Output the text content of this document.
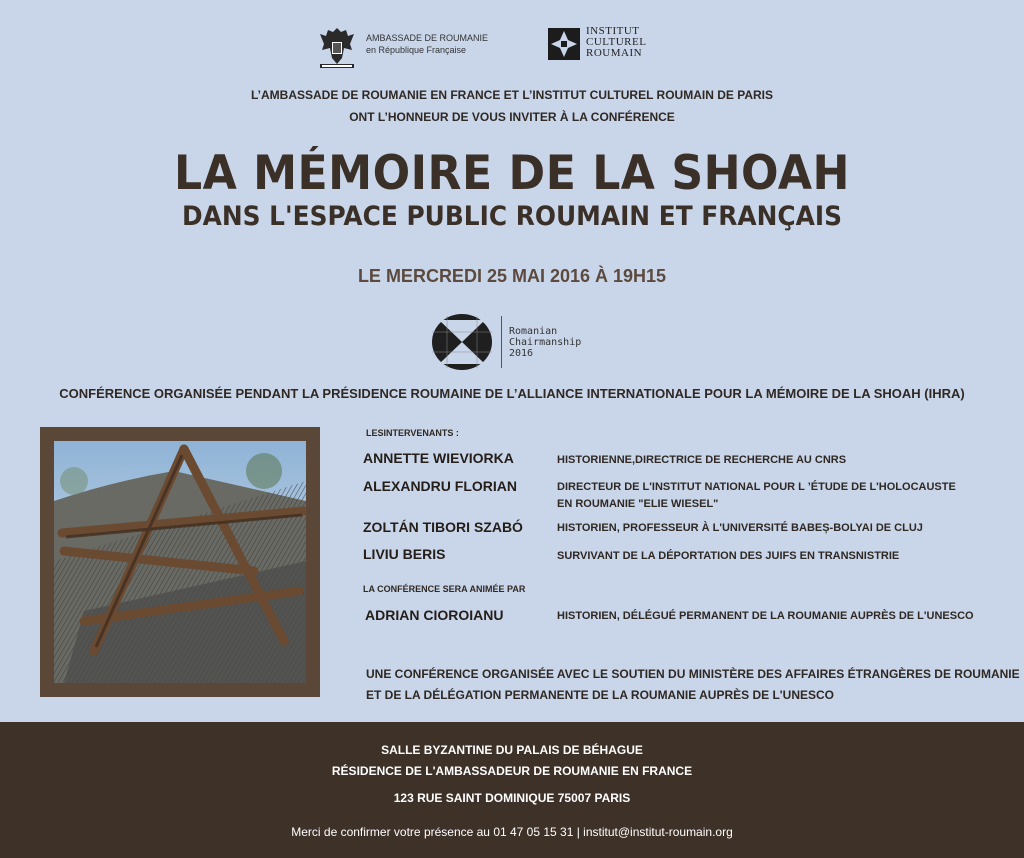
AMBASSADE DE ROUMANIE
en République Française
INSTITUT
CULTUREL
ROUMAIN
L’AMBASSADE DE ROUMANIE EN FRANCE ET L’INSTITUT CULTUREL ROUMAIN DE PARIS
ONT L’HONNEUR DE VOUS INVITER À LA CONFÉRENCE
LA MÉMOIRE DE LA SHOAH
DANS L'ESPACE PUBLIC ROUMAIN ET FRANÇAIS
LE MERCREDI 25 MAI 2016 À 19H15
Romanian
Chairmanship
2016
CONFÉRENCE ORGANISÉE PENDANT LA PRÉSIDENCE ROUMAINE DE L’ALLIANCE INTERNATIONALE POUR LA MÉMOIRE DE LA SHOAH (IHRA)
LESINTERVENANTS :
ANNETTE WIEVIORKA	HISTORIENNE,DIRECTRICE DE RECHERCHE AU CNRS
ALEXANDRU FLORIAN	DIRECTEUR DE L'INSTITUT NATIONAL POUR L ’ÉTUDE DE L'HOLOCAUSTE
EN ROUMANIE "ELIE WIESEL"
ZOLTÁN TIBORI SZABÓ	HISTORIEN, PROFESSEUR À L'UNIVERSITÉ BABEȘ-BOLYAI DE CLUJ
LIVIU BERIS	SURVIVANT DE LA DÉPORTATION DES JUIFS EN TRANSNISTRIE
LA CONFÉRENCE SERA ANIMÉE PAR
ADRIAN CIOROIANU	HISTORIEN, DÉLÉGUÉ PERMANENT DE LA ROUMANIE AUPRÈS DE L'UNESCO
UNE CONFÉRENCE ORGANISÉE AVEC LE SOUTIEN DU MINISTÈRE DES AFFAIRES ÉTRANGÈRES DE ROUMANIE
ET DE LA DÉLÉGATION PERMANENTE DE LA ROUMANIE AUPRÈS DE L'UNESCO
SALLE BYZANTINE DU PALAIS DE BÉHAGUE
RÉSIDENCE DE L'AMBASSADEUR DE ROUMANIE EN FRANCE
123 RUE SAINT DOMINIQUE 75007 PARIS
Merci de confirmer votre présence au 01 47 05 15 31 | institut@institut-roumain.org
